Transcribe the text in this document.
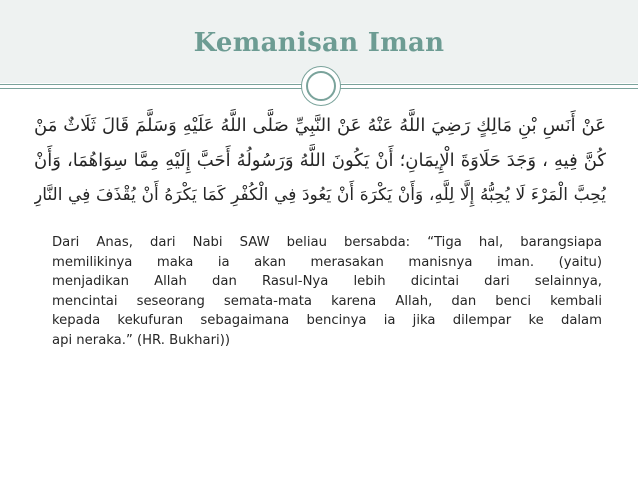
Kemanisan Iman
عَنْ أَنَسِ بْنِ مَالِكٍ رَضِيَ اللَّهُ عَنْهُ عَنْ النَّبِيِّ صَلَّى اللَّهُ عَلَيْهِ وَسَلَّمَ قَالَ ثَلَاثٌ مَنْ
كُنَّ فِيهِ ، وَجَدَ حَلَاوَةَ الْإِيمَانِ؛ أَنْ يَكُونَ اللَّهُ وَرَسُولُهُ أَحَبَّ إِلَيْهِ مِمَّا سِوَاهُمَا، وَأَنْ
يُحِبَّ الْمَرْءَ لَا يُحِبُّهُ إِلَّا لِلَّهِ، وَأَنْ يَكْرَهَ أَنْ يَعُودَ فِي الْكُفْرِ كَمَا يَكْرَهُ أَنْ يُقْذَفَ فِي النَّارِ
Dari Anas, dari Nabi SAW beliau bersabda: “Tiga hal, barangsiapa
memilikinya maka ia akan merasakan manisnya iman. (yaitu)
menjadikan Allah dan Rasul-Nya lebih dicintai dari selainnya,
mencintai seseorang semata-mata karena Allah, dan benci kembali
kepada kekufuran sebagaimana bencinya ia jika dilempar ke dalam
api neraka.” (HR. Bukhari))
